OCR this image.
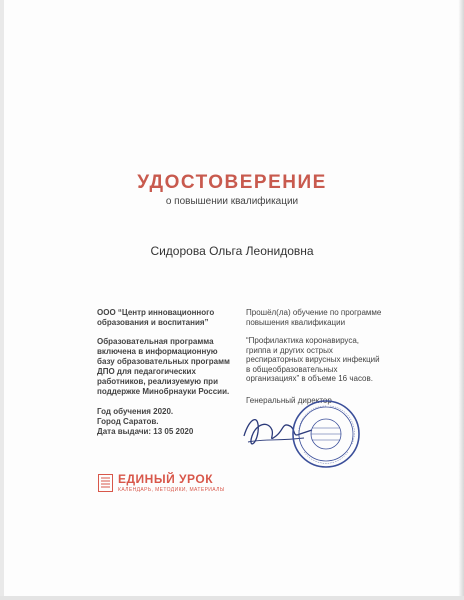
УДОСТОВЕРЕНИЕ
о повышении квалификации
Сидорова Ольга Леонидовна
ООО “Центр инновационного образования и воспитания”
Образовательная программа включена в информационную базу образовательных программ ДПО для педагогических работников, реализуемую при поддержке Минобрнауки России.
Год обучения 2020.
Город Саратов.
Дата выдачи: 13 05 2020
Прошёл(ла) обучение по программе повышения квалификации
“Профилактика коронавируса, гриппа и других острых респираторных вирусных инфекций в общеобразовательных организациях” в объеме 16 часов.
Генеральный директор
ЕДИНЫЙ УРОК
КАЛЕНДАРЬ, МЕТОДИКИ, МАТЕРИАЛЫ
